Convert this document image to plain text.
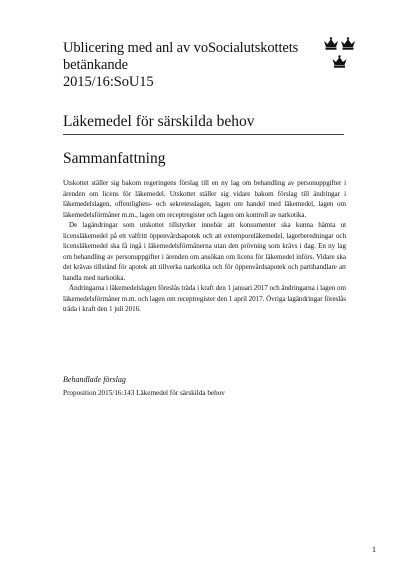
Ublicering med anl av voSocialutskottets
betänkande
2015/16:SoU15
Läkemedel för särskilda behov
Sammanfattning

Utskottet ställer sig bakom regeringens förslag till en ny lag om behandling av personuppgifter i ärenden om licens för läkemedel. Utskottet ställer sig vidare bakom förslag till ändringar i läkemedelslagen, offentlighets- och sekretesslagen, lagen om handel med läkemedel, lagen om läkemedelsförmåner m.m., lagen om receptregister och lagen om kontroll av narkotika.

De lagändringar som utskottet tillstyrker innebär att konsumenter ska kunna hämta ut licensläkemedel på ett valfritt öppenvårdsapotek och att extemporeläkemedel, lagerberedningar och licensläkemedel ska få ingå i läkemedelsförmånerna utan den prövning som krävs i dag. En ny lag om behandling av personuppgifter i ärenden om ansökan om licens för läkemedel införs. Vidare ska det krävas tillstånd för apotek att tillverka narkotika och för öppenvårdsapotek och partihandlare att handla med narkotika.

Ändringarna i läkemedelslagen föreslås träda i kraft den 1 januari 2017 och ändringarna i lagen om läkemedelsförmåner m.m. och lagen om receptregister den 1 april 2017. Övriga lagändringar föreslås träda i kraft den 1 juli 2016.

Behandlade förslag
Proposition 2015/16:143 Läkemedel för särskilda behov
1
